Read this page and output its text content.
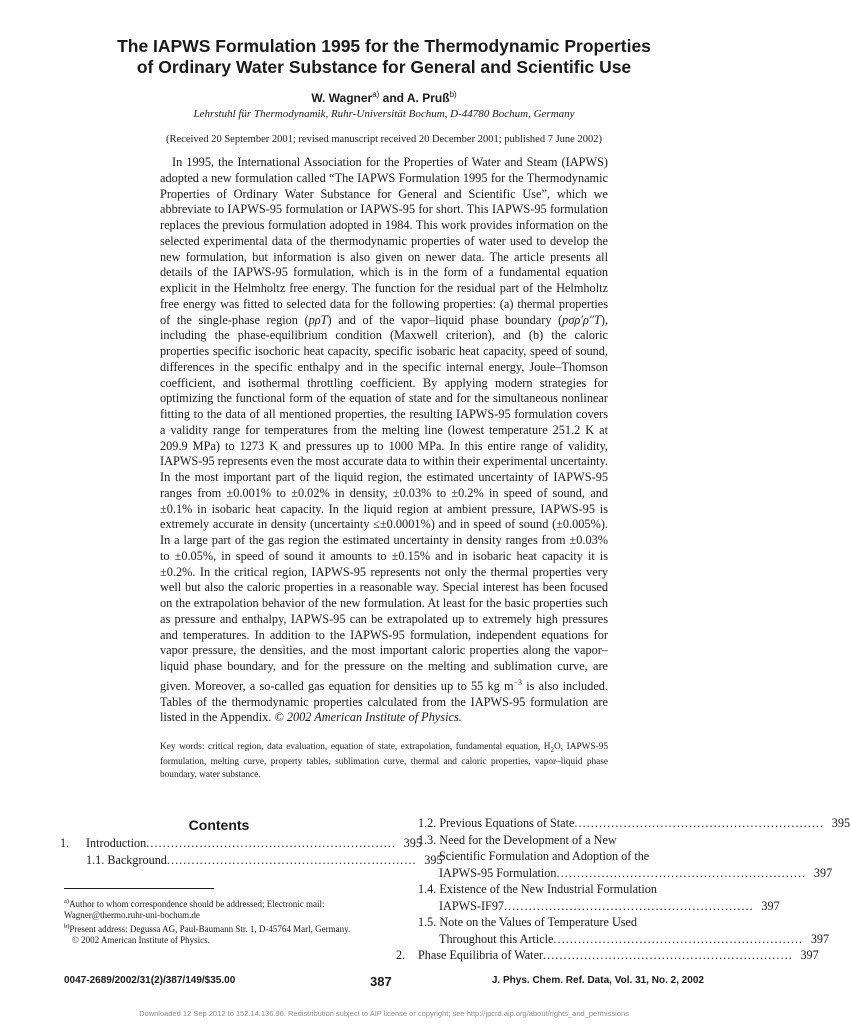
The IAPWS Formulation 1995 for the Thermodynamic Properties
of Ordinary Water Substance for General and Scientific Use
W. Wagner$^{a)}$ and A. Pruß$^{b)}$
Lehrstuhl für Thermodynamik, Ruhr-Universität Bochum, D-44780 Bochum, Germany
(Received 20 September 2001; revised manuscript received 20 December 2001; published 7 June 2002)
In 1995, the International Association for the Properties of Water and Steam (IAPWS) adopted a new formulation called “The IAPWS Formulation 1995 for the Thermodynamic Properties of Ordinary Water Substance for General and Scientific Use”, which we abbreviate to IAPWS-95 formulation or IAPWS-95 for short. This IAPWS-95 formulation replaces the previous formulation adopted in 1984. This work provides information on the selected experimental data of the thermodynamic properties of water used to develop the new formulation, but information is also given on newer data. The article presents all details of the IAPWS-95 formulation, which is in the form of a fundamental equation explicit in the Helmholtz free energy. The function for the residual part of the Helmholtz free energy was fitted to selected data for the following properties: (a) thermal properties of the single-phase region (pρT) and of the vapor–liquid phase boundary (pσρ′ρ″T), including the phase-equilibrium condition (Maxwell criterion), and (b) the caloric properties specific isochoric heat capacity, specific isobaric heat capacity, speed of sound, differences in the specific enthalpy and in the specific internal energy, Joule–Thomson coefficient, and isothermal throttling coefficient. By applying modern strategies for optimizing the functional form of the equation of state and for the simultaneous nonlinear fitting to the data of all mentioned properties, the resulting IAPWS-95 formulation covers a validity range for temperatures from the melting line (lowest temperature 251.2 K at 209.9 MPa) to 1273 K and pressures up to 1000 MPa. In this entire range of validity, IAPWS-95 represents even the most accurate data to within their experimental uncertainty. In the most important part of the liquid region, the estimated uncertainty of IAPWS-95 ranges from ±0.001% to ±0.02% in density, ±0.03% to ±0.2% in speed of sound, and ±0.1% in isobaric heat capacity. In the liquid region at ambient pressure, IAPWS-95 is extremely accurate in density (uncertainty ≤±0.0001%) and in speed of sound (±0.005%). In a large part of the gas region the estimated uncertainty in density ranges from ±0.03% to ±0.05%, in speed of sound it amounts to ±0.15% and in isobaric heat capacity it is ±0.2%. In the critical region, IAPWS-95 represents not only the thermal properties very well but also the caloric properties in a reasonable way. Special interest has been focused on the extrapolation behavior of the new formulation. At least for the basic properties such as pressure and enthalpy, IAPWS-95 can be extrapolated up to extremely high pressures and temperatures. In addition to the IAPWS-95 formulation, independent equations for vapor pressure, the densities, and the most important caloric properties along the vapor–liquid phase boundary, and for the pressure on the melting and sublimation curve, are given. Moreover, a so-called gas equation for densities up to 55 kg $m^{-3}$ is also included. Tables of the thermodynamic properties calculated from the IAPWS-95 formulation are listed in the Appendix. © 2002 American Institute of Physics.
Key words: critical region, data evaluation, equation of state, extrapolation, fundamental equation, $H_2O$, IAPWS-95 formulation, melting curve, property tables, sublimation curve, thermal and caloric properties, vapor–liquid phase boundary, water substance.
Contents
1.	Introduction . . .	395
1.1. Background . . .	395
$^{a)}$Author to whom correspondence should be addressed; Electronic mail: Wagner@thermo.ruhr-uni-bochum.de
$^{b)}$Present address: Degussa AG, Paul-Baumann Str. 1, D-45764 Marl, Germany.
© 2002 American Institute of Physics.
1.2. Previous Equations of State . . .	395
1.3. Need for the Development of a New
Scientific Formulation and Adoption of the
IAPWS-95 Formulation . . .	397
1.4. Existence of the New Industrial Formulation
IAPWS-IF97 . . .	397
1.5. Note on the Values of Temperature Used
Throughout this Article . . .	397
2.	Phase Equilibria of Water . . .	397
0047-2689/2002/31(2)/387/149/$35.00	387	J. Phys. Chem. Ref. Data, Vol. 31, No. 2, 2002
Downloaded 12 Sep 2012 to 152.14.136.96. Redistribution subject to AIP license or copyright; see http://jpcrd.aip.org/about/rights_and_permissions
